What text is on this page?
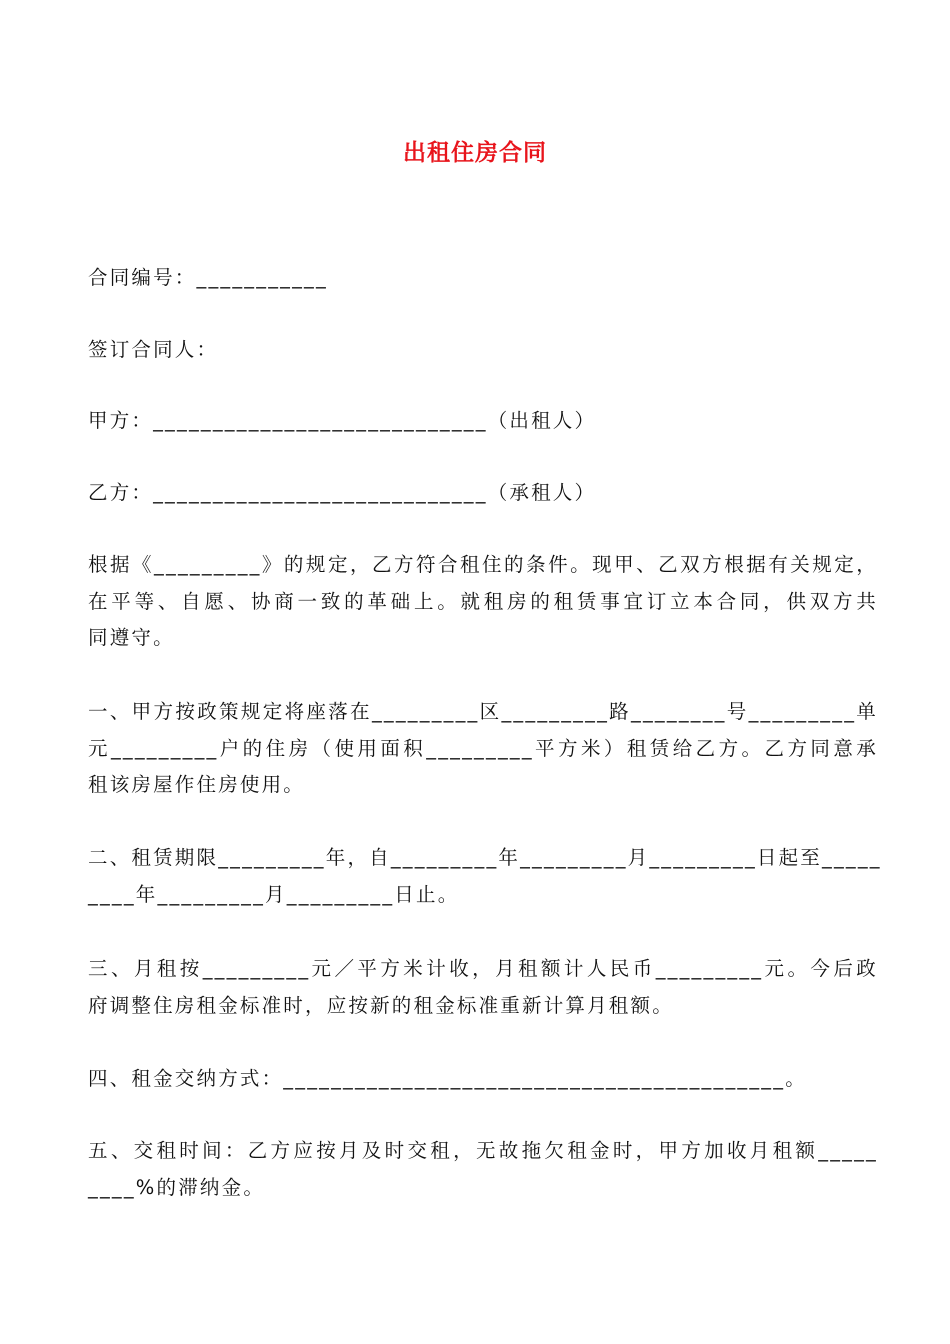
出租住房合同
合同编号：___________
签订合同人：
甲方：____________________________（出租人）
乙方：____________________________（承租人）
根据《_________》的规定，乙方符合租住的条件。现甲、乙双方根据有关规定，
在平等、自愿、协商一致的革础上。就租房的租赁事宜订立本合同，供双方共
同遵守。
一、甲方按政策规定将座落在_________区_________路________号_________单
元_________户的住房（使用面积_________平方米）租赁给乙方。乙方同意承
租该房屋作住房使用。
二、租赁期限_________年，自_________年_________月_________日起至_____
____年_________月_________日止。
三、月租按_________元／平方米计收，月租额计人民币_________元。今后政
府调整住房租金标准时，应按新的租金标准重新计算月租额。
四、租金交纳方式：__________________________________________。
五、交租时间：乙方应按月及时交租，无故拖欠租金时，甲方加收月租额_____
____%的滞纳金。
